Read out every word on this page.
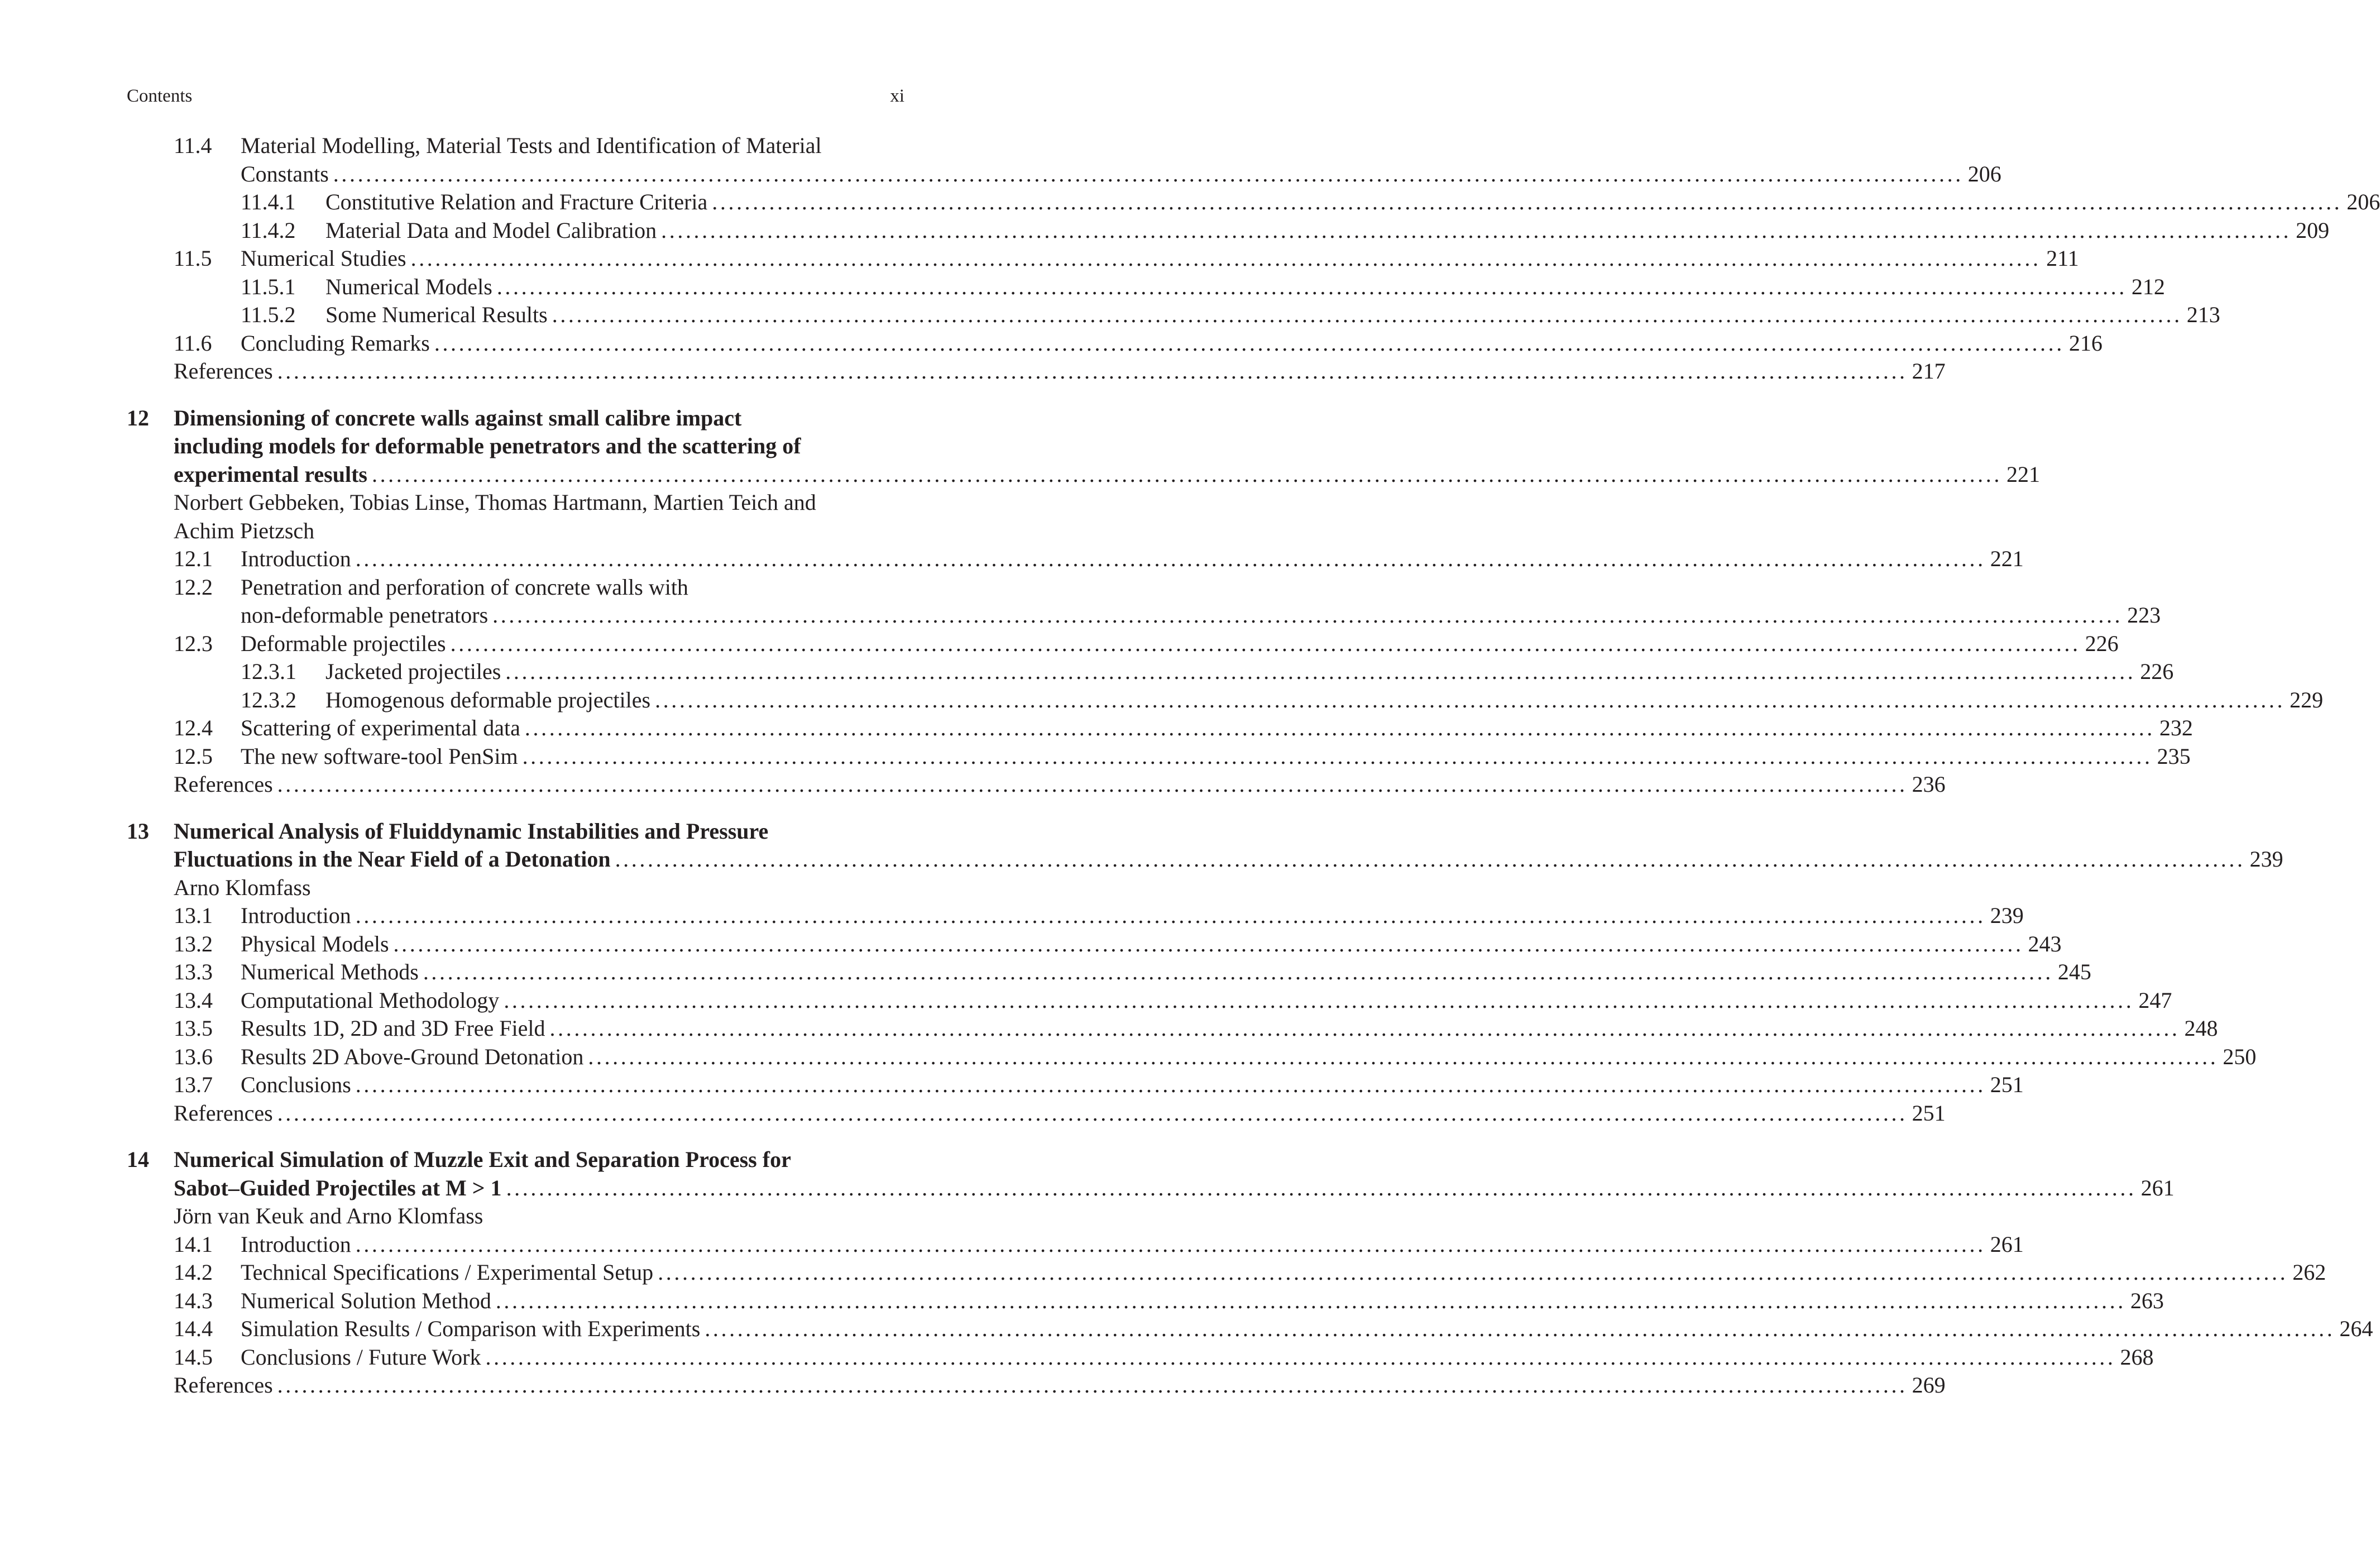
Contents	xi
11.4 Material Modelling, Material Tests and Identification of Material
Constants ........................................................................................................................................................................................................ 206
11.4.1 Constitutive Relation and Fracture Criteria ........................................................................................................................................................................................................ 206
11.4.2 Material Data and Model Calibration ........................................................................................................................................................................................................ 209
11.5 Numerical Studies ........................................................................................................................................................................................................ 211
11.5.1 Numerical Models ........................................................................................................................................................................................................ 212
11.5.2 Some Numerical Results ........................................................................................................................................................................................................ 213
11.6 Concluding Remarks ........................................................................................................................................................................................................ 216
References ........................................................................................................................................................................................................ 217
12 Dimensioning of concrete walls against small calibre impact
including models for deformable penetrators and the scattering of
experimental results ........................................................................................................................................................................................................ 221
Norbert Gebbeken, Tobias Linse, Thomas Hartmann, Martien Teich and
Achim Pietzsch
12.1 Introduction ........................................................................................................................................................................................................ 221
12.2 Penetration and perforation of concrete walls with
non-deformable penetrators ........................................................................................................................................................................................................ 223
12.3 Deformable projectiles ........................................................................................................................................................................................................ 226
12.3.1 Jacketed projectiles ........................................................................................................................................................................................................ 226
12.3.2 Homogenous deformable projectiles ........................................................................................................................................................................................................ 229
12.4 Scattering of experimental data ........................................................................................................................................................................................................ 232
12.5 The new software-tool PenSim ........................................................................................................................................................................................................ 235
References ........................................................................................................................................................................................................ 236
13 Numerical Analysis of Fluiddynamic Instabilities and Pressure
Fluctuations in the Near Field of a Detonation ........................................................................................................................................................................................................ 239
Arno Klomfass
13.1 Introduction ........................................................................................................................................................................................................ 239
13.2 Physical Models ........................................................................................................................................................................................................ 243
13.3 Numerical Methods ........................................................................................................................................................................................................ 245
13.4 Computational Methodology ........................................................................................................................................................................................................ 247
13.5 Results 1D, 2D and 3D Free Field ........................................................................................................................................................................................................ 248
13.6 Results 2D Above-Ground Detonation ........................................................................................................................................................................................................ 250
13.7 Conclusions ........................................................................................................................................................................................................ 251
References ........................................................................................................................................................................................................ 251
14 Numerical Simulation of Muzzle Exit and Separation Process for
Sabot–Guided Projectiles at M > 1 ........................................................................................................................................................................................................ 261
Jörn van Keuk and Arno Klomfass
14.1 Introduction ........................................................................................................................................................................................................ 261
14.2 Technical Specifications / Experimental Setup ........................................................................................................................................................................................................ 262
14.3 Numerical Solution Method ........................................................................................................................................................................................................ 263
14.4 Simulation Results / Comparison with Experiments ........................................................................................................................................................................................................ 264
14.5 Conclusions / Future Work ........................................................................................................................................................................................................ 268
References ........................................................................................................................................................................................................ 269
